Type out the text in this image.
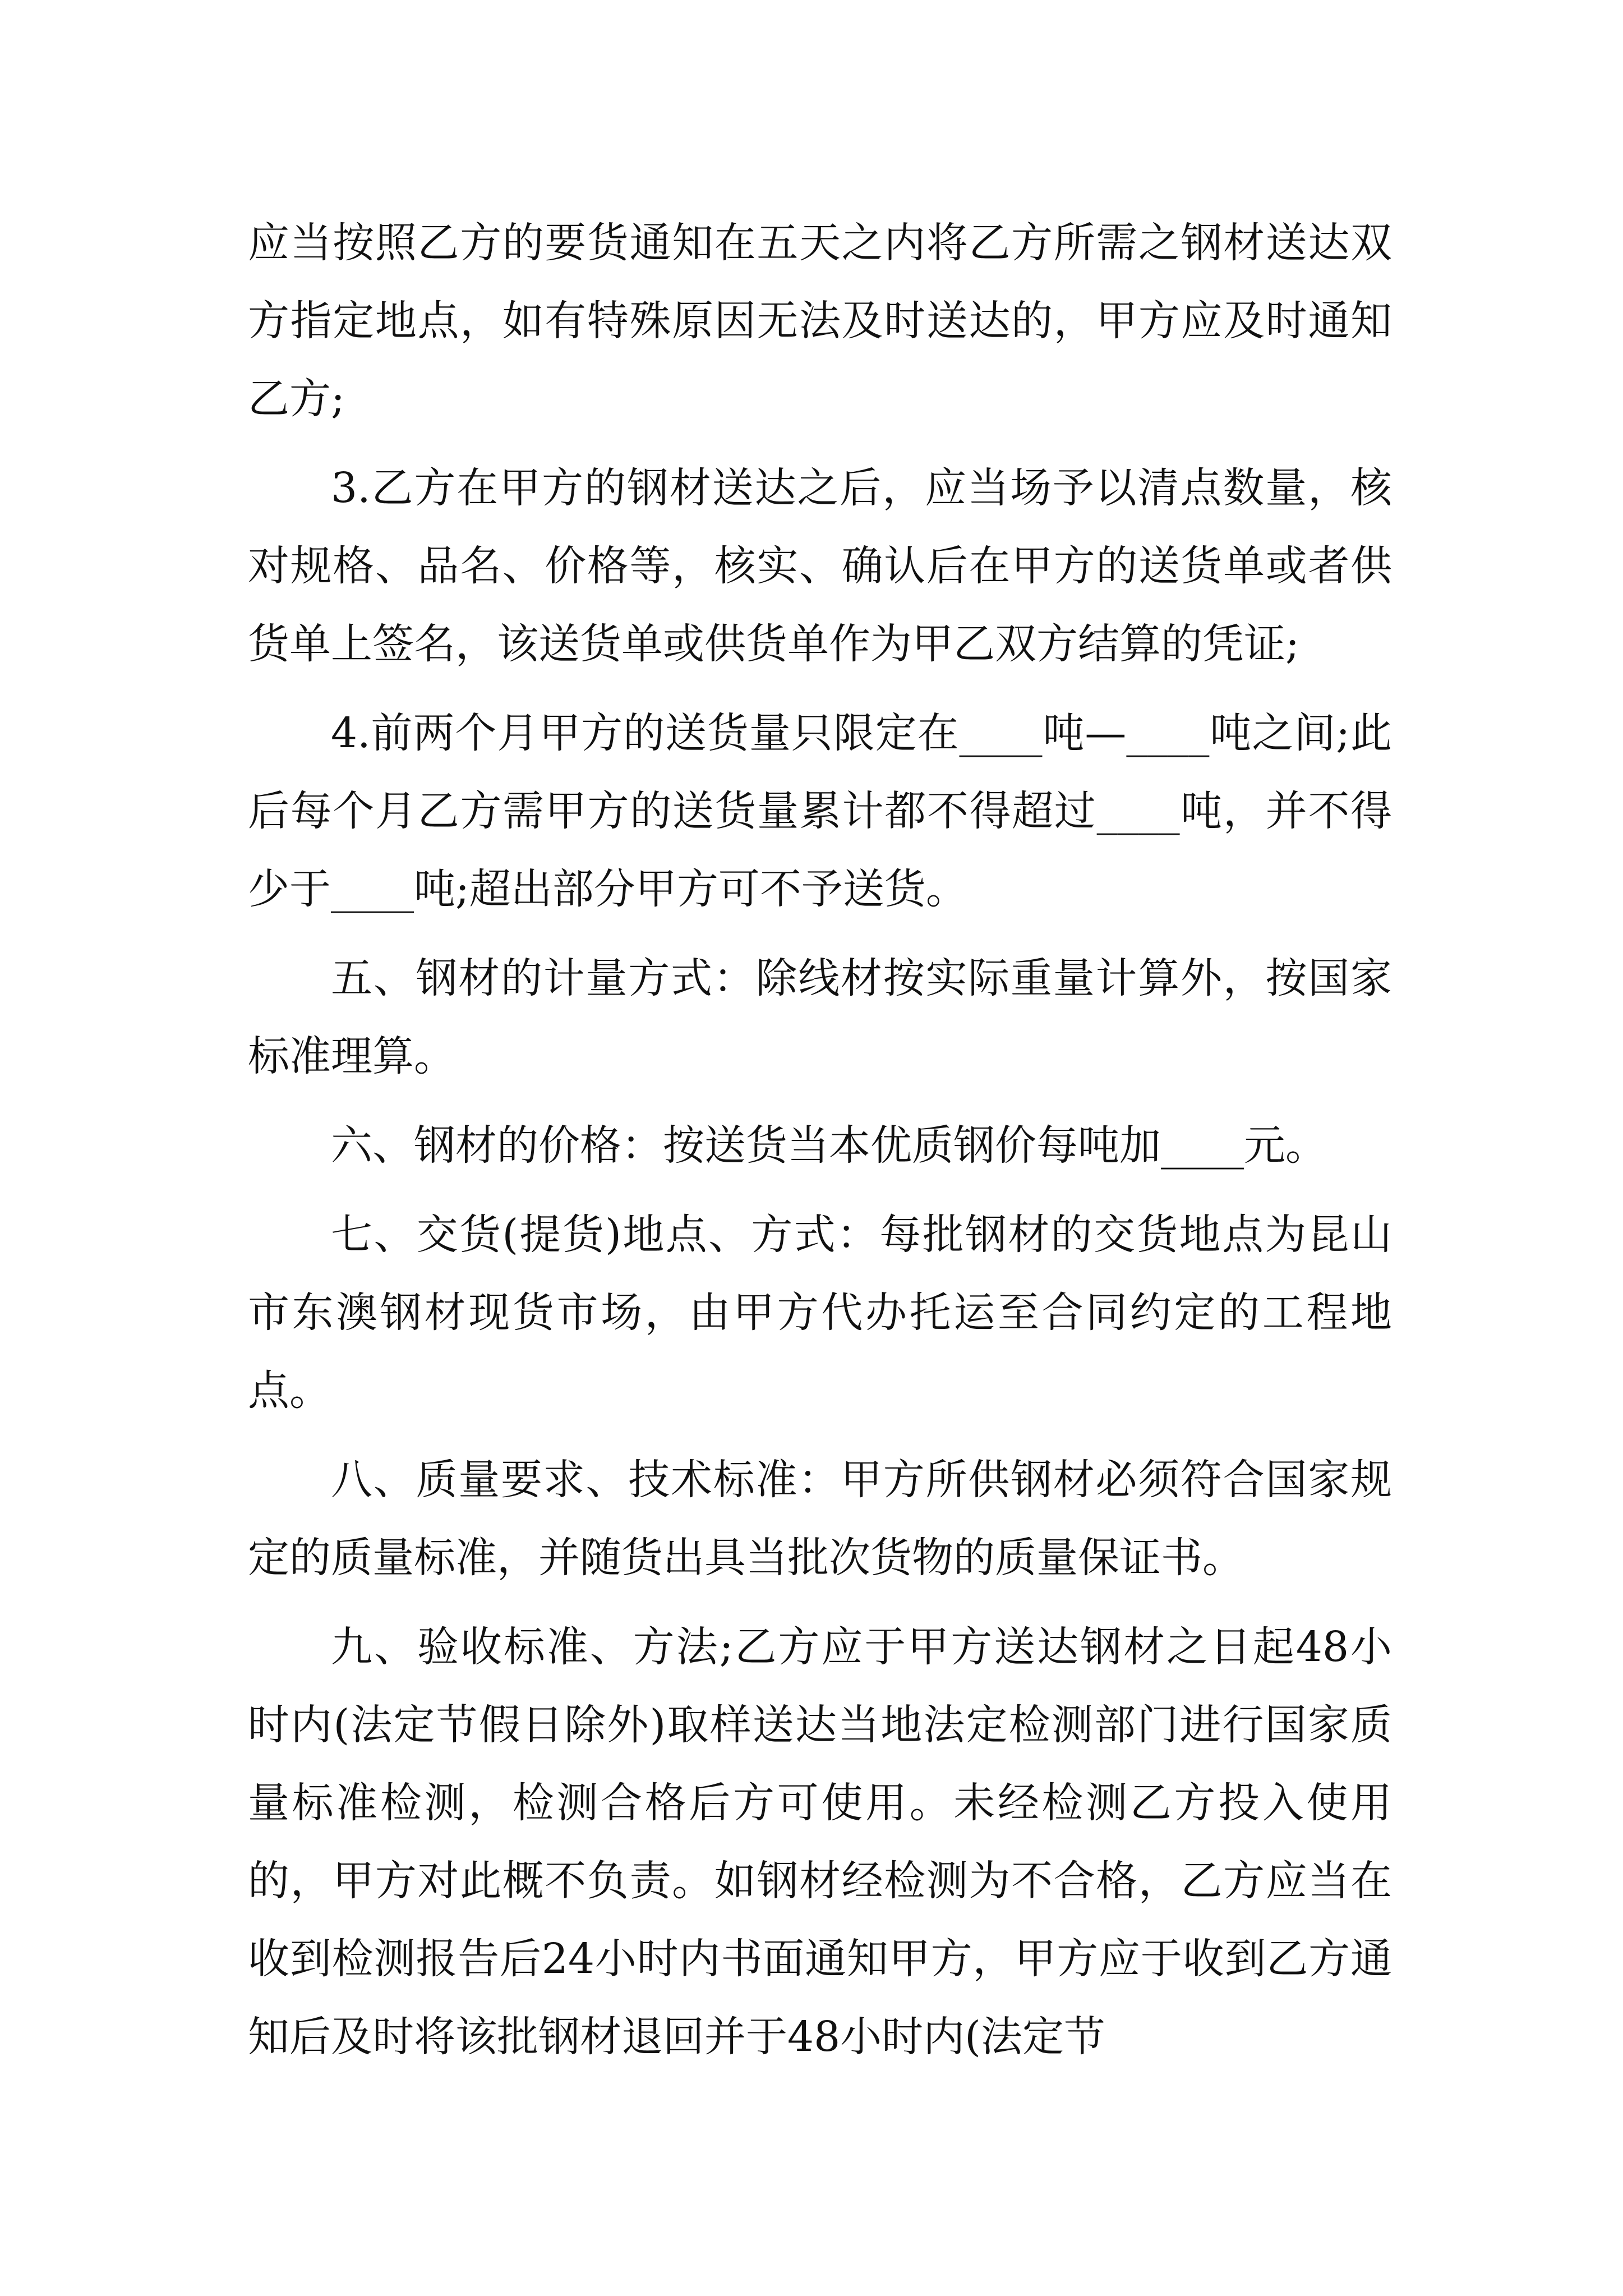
应当按照乙方的要货通知在五天之内将乙方所需之钢材送达双方指定地点，如有特殊原因无法及时送达的，甲方应及时通知乙方;

3.乙方在甲方的钢材送达之后，应当场予以清点数量，核对规格、品名、价格等，核实、确认后在甲方的送货单或者供货单上签名，该送货单或供货单作为甲乙双方结算的凭证;

4.前两个月甲方的送货量只限定在____吨—____吨之间;此后每个月乙方需甲方的送货量累计都不得超过____吨，并不得少于____吨;超出部分甲方可不予送货。

五、钢材的计量方式：除线材按实际重量计算外，按国家标准理算。

六、钢材的价格：按送货当本优质钢价每吨加____元。

七、交货(提货)地点、方式：每批钢材的交货地点为昆山市东澳钢材现货市场，由甲方代办托运至合同约定的工程地点。

八、质量要求、技术标准：甲方所供钢材必须符合国家规定的质量标准，并随货出具当批次货物的质量保证书。

九、验收标准、方法;乙方应于甲方送达钢材之日起48小时内(法定节假日除外)取样送达当地法定检测部门进行国家质量标准检测，检测合格后方可使用。未经检测乙方投入使用的，甲方对此概不负责。如钢材经检测为不合格，乙方应当在收到检测报告后24小时内书面通知甲方，甲方应于收到乙方通知后及时将该批钢材退回并于48小时内(法定节
